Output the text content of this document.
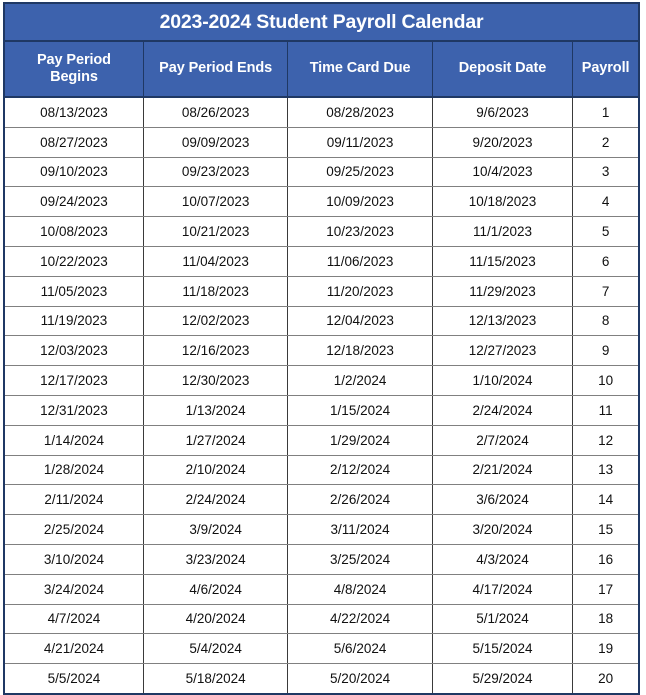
2023-2024 Student Payroll Calendar				
Pay Period
Begins	Pay Period Ends	Time Card Due	Deposit Date	Payroll
08/13/2023	08/26/2023	08/28/2023	9/6/2023	1
08/27/2023	09/09/2023	09/11/2023	9/20/2023	2
09/10/2023	09/23/2023	09/25/2023	10/4/2023	3
09/24/2023	10/07/2023	10/09/2023	10/18/2023	4
10/08/2023	10/21/2023	10/23/2023	11/1/2023	5
10/22/2023	11/04/2023	11/06/2023	11/15/2023	6
11/05/2023	11/18/2023	11/20/2023	11/29/2023	7
11/19/2023	12/02/2023	12/04/2023	12/13/2023	8
12/03/2023	12/16/2023	12/18/2023	12/27/2023	9
12/17/2023	12/30/2023	1/2/2024	1/10/2024	10
12/31/2023	1/13/2024	1/15/2024	2/24/2024	11
1/14/2024	1/27/2024	1/29/2024	2/7/2024	12
1/28/2024	2/10/2024	2/12/2024	2/21/2024	13
2/11/2024	2/24/2024	2/26/2024	3/6/2024	14
2/25/2024	3/9/2024	3/11/2024	3/20/2024	15
3/10/2024	3/23/2024	3/25/2024	4/3/2024	16
3/24/2024	4/6/2024	4/8/2024	4/17/2024	17
4/7/2024	4/20/2024	4/22/2024	5/1/2024	18
4/21/2024	5/4/2024	5/6/2024	5/15/2024	19
5/5/2024	5/18/2024	5/20/2024	5/29/2024	20
